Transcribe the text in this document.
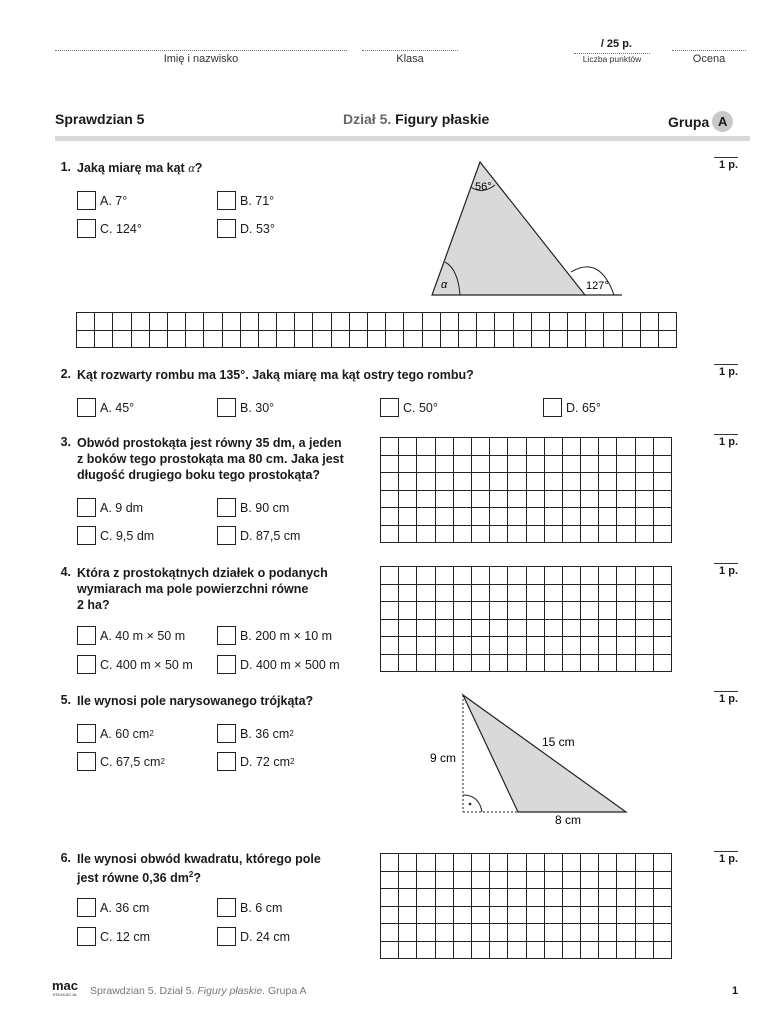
Imię i nazwisko	Klasa
/ 25 p.
Liczba punktów	Ocena
Sprawdzian 5	Dział 5. Figury płaskie	Grupa A
1. Jaką miarę ma kąt α?	1 p.
A. 7°	B. 71°
C. 124°	D. 53°
56°
α	127°

2. Kąt rozwarty rombu ma 135°. Jaką miarę ma kąt ostry tego rombu?	1 p.
A. 45°	B. 30°	C. 50°	D. 65°
3. Obwód prostokąta jest równy 35 dm, a jeden
z boków tego prostokąta ma 80 cm. Jaka jest
długość drugiego boku tego prostokąta?
1 p.
A. 9 dm	B. 90 cm
C. 9,5 dm	D. 87,5 cm

4. Która z prostokątnych działek o podanych
wymiarach ma pole powierzchni równe
2 ha?
1 p.
A. 40 m × 50 m	B. 200 m × 10 m
C. 400 m × 50 m	D. 400 m × 500 m

5. Ile wynosi pole narysowanego trójkąta?	1 p.
A. 60 cm 2	B. 36 cm 2
C. 67,5 cm 2	D. 72 cm 2	9 cm
15 cm
8 cm
6. Ile wynosi obwód kwadratu, którego pole
jest równe 0,36 $dm^2$?
1 p.
A. 36 cm	B. 6 cm
C. 12 cm	D. 24 cm

mac
EDUKACJA Sprawdzian 5. Dział 5. Figury płaskie. Grupa A	1
